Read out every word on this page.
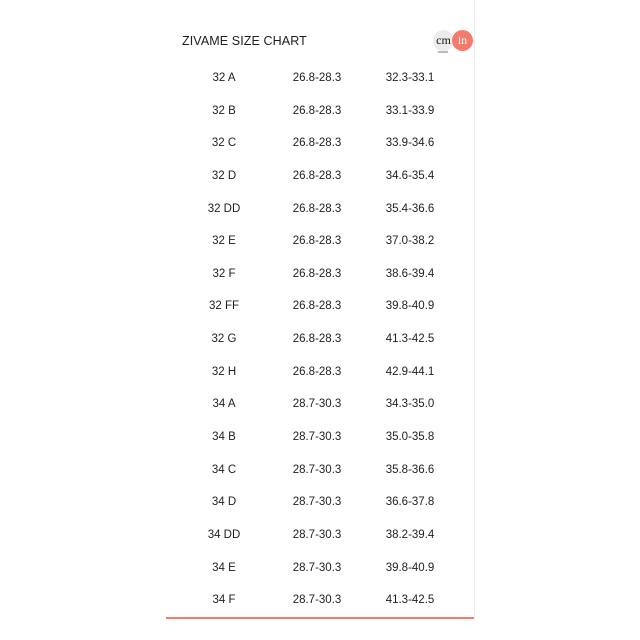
ZIVAME SIZE CHART	cm in
32 A	26.8-28.3	32.3-33.1
32 B	26.8-28.3	33.1-33.9
32 C	26.8-28.3	33.9-34.6
32 D	26.8-28.3	34.6-35.4
32 DD	26.8-28.3	35.4-36.6
32 E	26.8-28.3	37.0-38.2
32 F	26.8-28.3	38.6-39.4
32 FF	26.8-28.3	39.8-40.9
32 G	26.8-28.3	41.3-42.5
32 H	26.8-28.3	42.9-44.1
34 A	28.7-30.3	34.3-35.0
34 B	28.7-30.3	35.0-35.8
34 C	28.7-30.3	35.8-36.6
34 D	28.7-30.3	36.6-37.8
34 DD	28.7-30.3	38.2-39.4
34 E	28.7-30.3	39.8-40.9
34 F	28.7-30.3	41.3-42.5
